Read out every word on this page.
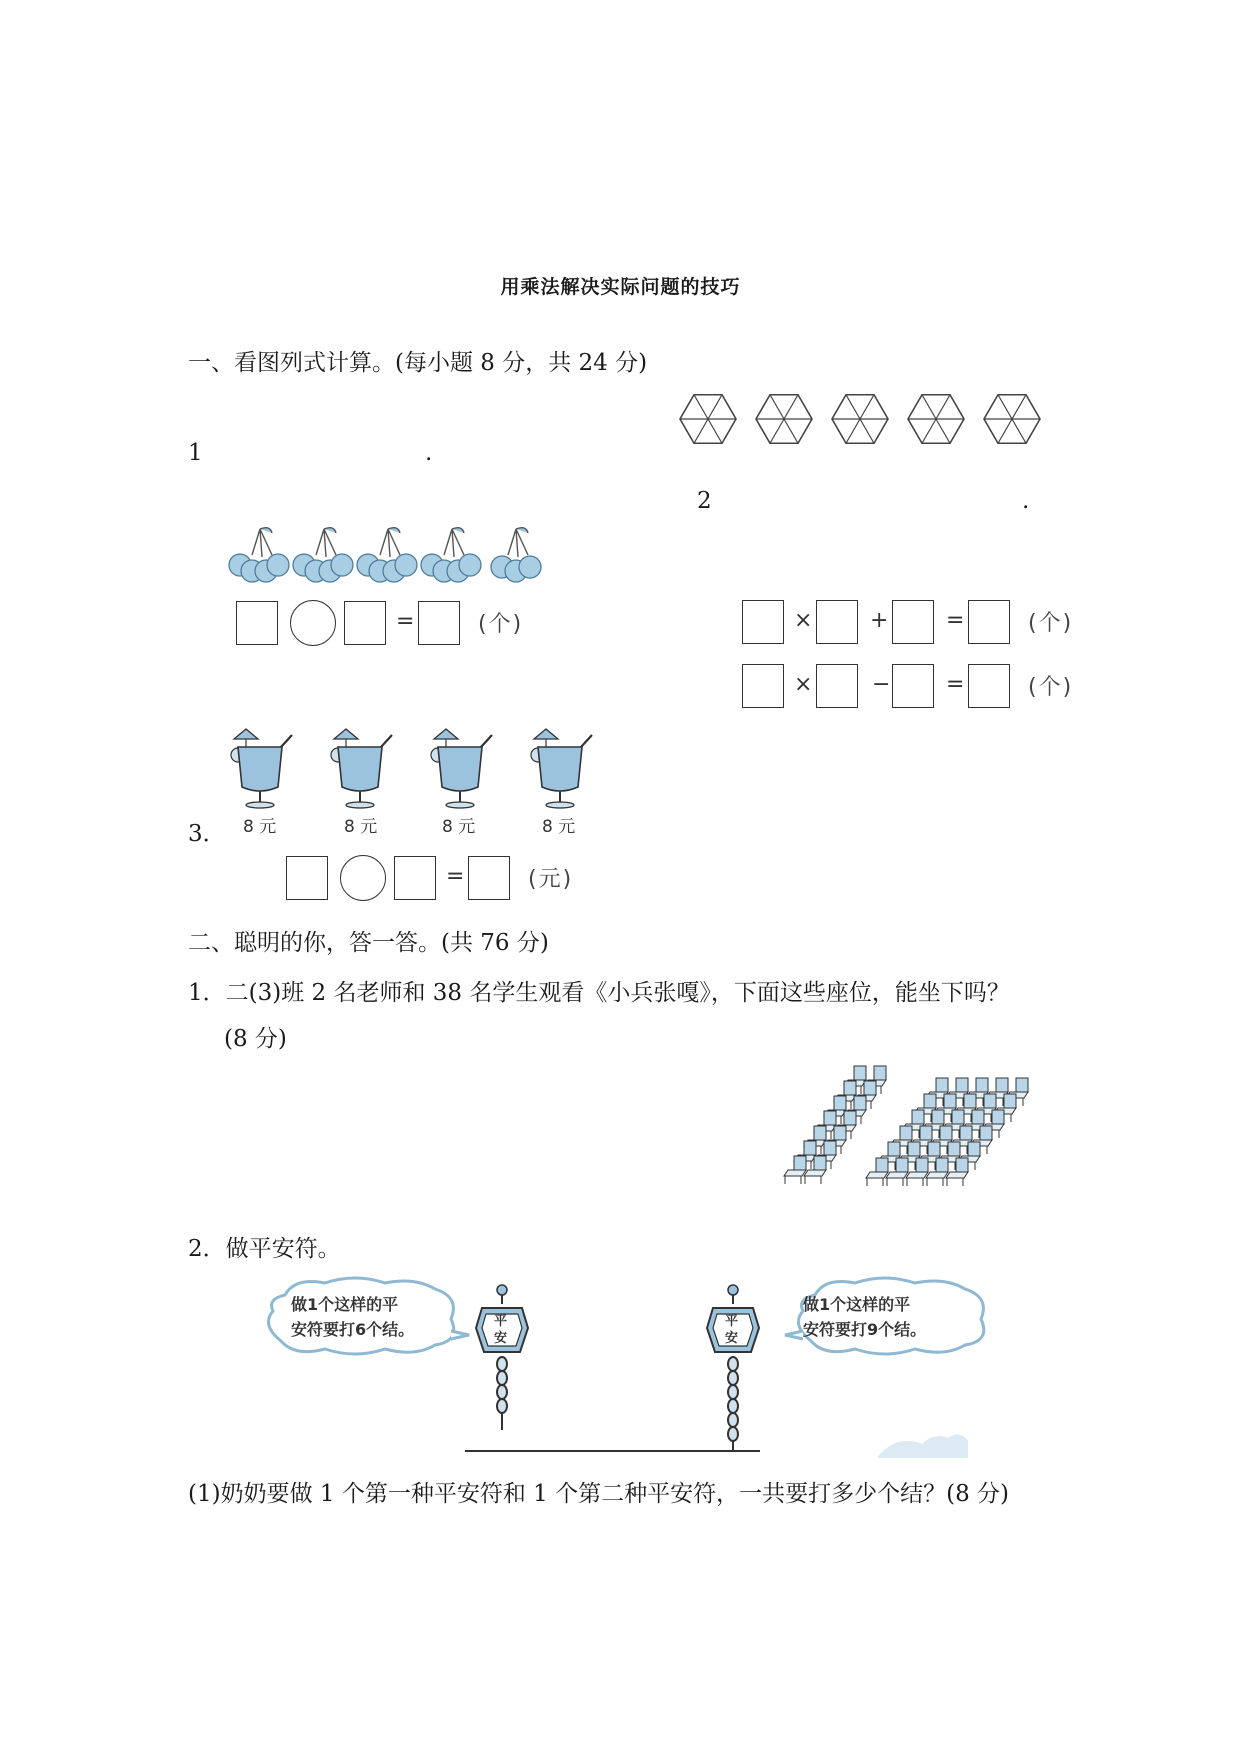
用乘法解决实际问题的技巧
一、看图列式计算。(每小题 8 分，共 24 分)
1	.
2	.
=	(个)	×	+	=	(个)
×	−	=	(个)
3． 8 元	8 元	8 元	8 元
=	(元)
二、聪明的你，答一答。(共 76 分)
1．二(3)班 2 名老师和 38 名学生观看《小兵张嘎》，下面这些座位，能坐下吗？
(8 分)
2．做平安符。
做1个这样的平
安符要打6个结。
做1个这样的平
安符要打9个结。
平
安
平
安
(1)奶奶要做 1 个第一种平安符和 1 个第二种平安符，一共要打多少个结？(8 分)
